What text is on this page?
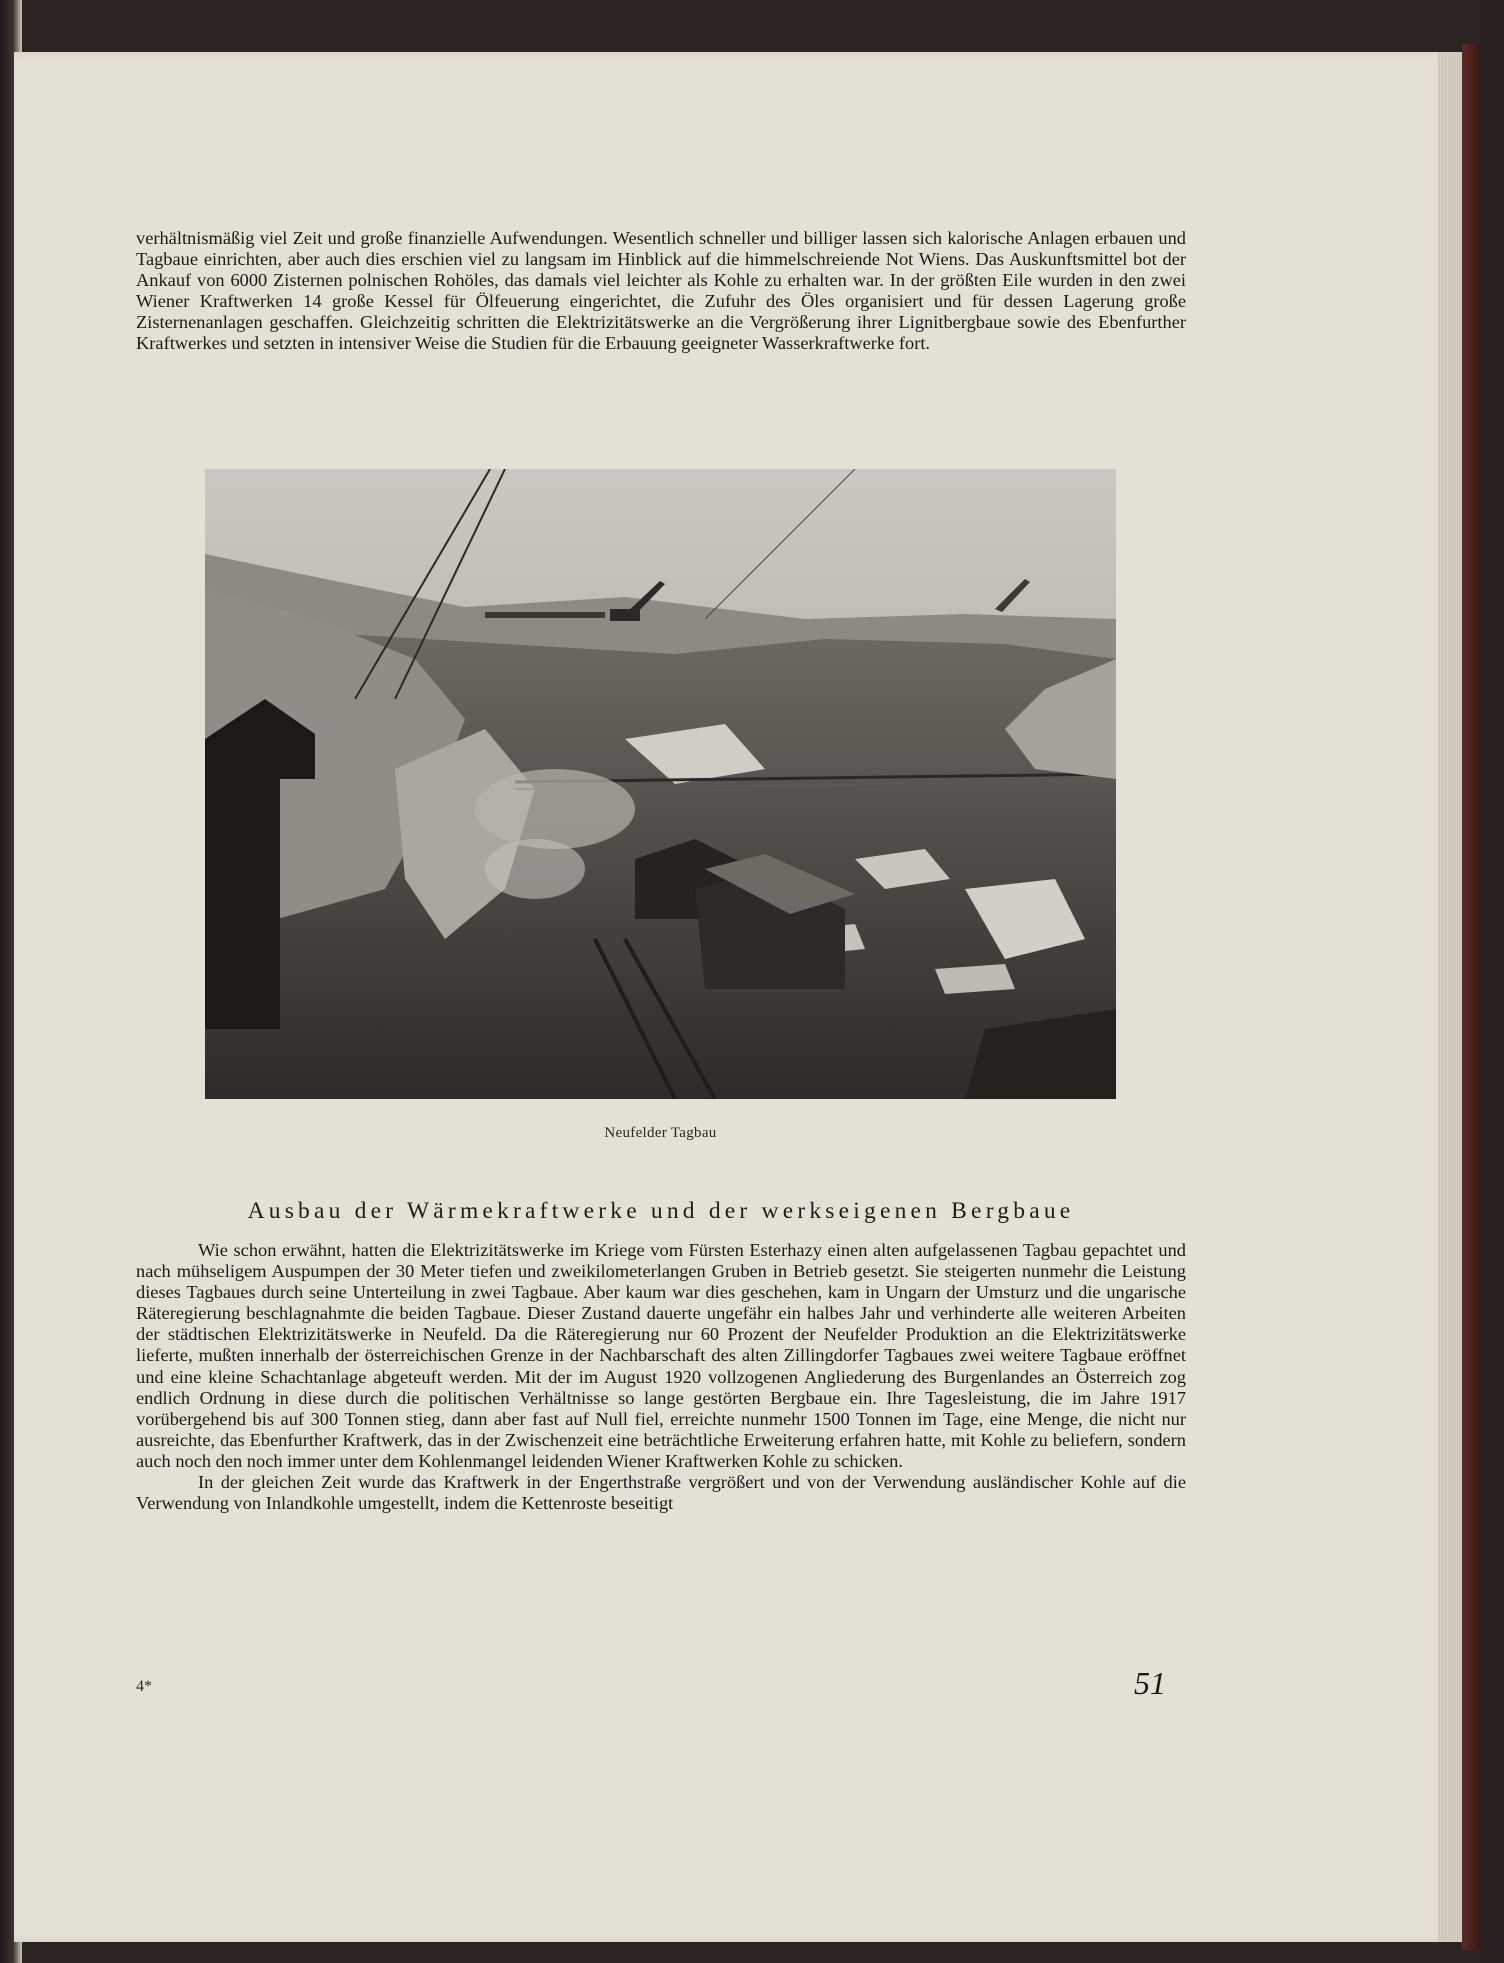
verhältnismäßig viel Zeit und große finanzielle Aufwendungen. Wesentlich schneller und billiger lassen sich kalorische Anlagen erbauen und Tagbaue einrichten, aber auch dies erschien viel zu langsam im Hinblick auf die himmelschreiende Not Wiens. Das Auskunftsmittel bot der Ankauf von 6000 Zisternen polnischen Rohöles, das damals viel leichter als Kohle zu erhalten war. In der größten Eile wurden in den zwei Wiener Kraftwerken 14 große Kessel für Ölfeuerung eingerichtet, die Zufuhr des Öles organisiert und für dessen Lagerung große Zisternenanlagen geschaffen. Gleichzeitig schritten die Elektrizitätswerke an die Vergrößerung ihrer Lignitbergbaue sowie des Ebenfurther Kraftwerkes und setzten in intensiver Weise die Studien für die Erbauung geeigneter Wasserkraftwerke fort.

Neufelder Tagbau
Ausbau der Wärmekraftwerke und der werkseigenen Bergbaue

Wie schon erwähnt, hatten die Elektrizitätswerke im Kriege vom Fürsten Esterhazy einen alten aufgelassenen Tagbau gepachtet und nach mühseligem Auspumpen der 30 Meter tiefen und zweikilometerlangen Gruben in Betrieb gesetzt. Sie steigerten nunmehr die Leistung dieses Tagbaues durch seine Unterteilung in zwei Tagbaue. Aber kaum war dies geschehen, kam in Ungarn der Umsturz und die ungarische Räteregierung beschlagnahmte die beiden Tagbaue. Dieser Zustand dauerte ungefähr ein halbes Jahr und verhinderte alle weiteren Arbeiten der städtischen Elektrizitätswerke in Neufeld. Da die Räteregierung nur 60 Prozent der Neufelder Produktion an die Elektrizitätswerke lieferte, mußten innerhalb der österreichischen Grenze in der Nachbarschaft des alten Zillingdorfer Tagbaues zwei weitere Tagbaue eröffnet und eine kleine Schachtanlage abgeteuft werden. Mit der im August 1920 vollzogenen Angliederung des Burgenlandes an Österreich zog endlich Ordnung in diese durch die politischen Verhältnisse so lange gestörten Bergbaue ein. Ihre Tagesleistung, die im Jahre 1917 vorübergehend bis auf 300 Tonnen stieg, dann aber fast auf Null fiel, erreichte nunmehr 1500 Tonnen im Tage, eine Menge, die nicht nur ausreichte, das Ebenfurther Kraftwerk, das in der Zwischenzeit eine beträchtliche Erweiterung erfahren hatte, mit Kohle zu beliefern, sondern auch noch den noch immer unter dem Kohlenmangel leidenden Wiener Kraftwerken Kohle zu schicken.

In der gleichen Zeit wurde das Kraftwerk in der Engerthstraße vergrößert und von der Verwendung ausländischer Kohle auf die Verwendung von Inlandkohle umgestellt, indem die Kettenroste beseitigt

4*	51
